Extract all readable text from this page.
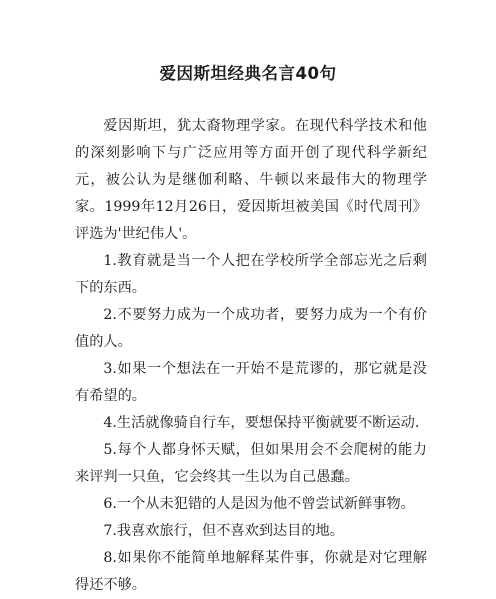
爱因斯坦经典名言40句

爱因斯坦，犹太裔物理学家。在现代科学技术和他的深刻影响下与广泛应用等方面开创了现代科学新纪元，被公认为是继伽利略、牛顿以来最伟大的物理学家。1999年12月26日，爱因斯坦被美国《时代周刊》评选为'世纪伟人'。

1.教育就是当一个人把在学校所学全部忘光之后剩下的东西。

2.不要努力成为一个成功者，要努力成为一个有价值的人。

3.如果一个想法在一开始不是荒谬的，那它就是没有希望的。

4.生活就像骑自行车，要想保持平衡就要不断运动.

5.每个人都身怀天赋，但如果用会不会爬树的能力来评判一只鱼，它会终其一生以为自己愚蠢。

6.一个从未犯错的人是因为他不曾尝试新鲜事物。

7.我喜欢旅行，但不喜欢到达目的地。

8.如果你不能简单地解释某件事，你就是对它理解得还不够。
